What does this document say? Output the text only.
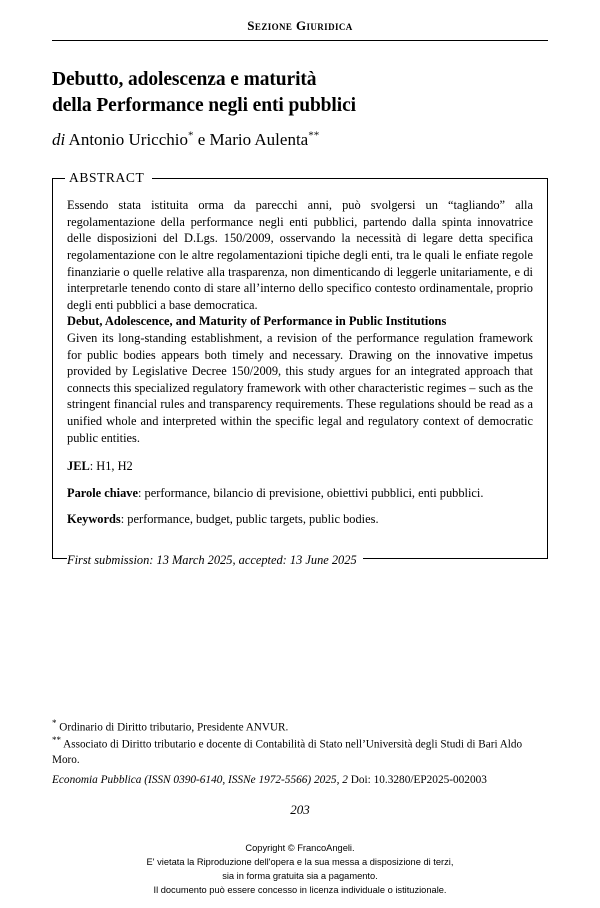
Sezione Giuridica
Debutto, adolescenza e maturità
della Performance negli enti pubblici
di Antonio Uricchio* e Mario Aulenta**
ABSTRACT

Essendo stata istituita orma da parecchi anni, può svolgersi un “tagliando” alla regolamentazione della performance negli enti pubblici, partendo dalla spinta innovatrice delle disposizioni del D.Lgs. 150/2009, osservando la necessità di legare detta specifica regolamentazione con le altre regolamentazioni tipiche degli enti, tra le quali le enfiate regole finanziarie o quelle relative alla trasparenza, non dimenticando di leggerle unitariamente, e di interpretarle tenendo conto di stare all’interno dello specifico contesto ordinamentale, proprio degli enti pubblici a base democratica.

Debut, Adolescence, and Maturity of Performance in Public Institutions

Given its long-standing establishment, a revision of the performance regulation framework for public bodies appears both timely and necessary. Drawing on the innovative impetus provided by Legislative Decree 150/2009, this study argues for an integrated approach that connects this specialized regulatory framework with other characteristic regimes – such as the stringent financial rules and transparency requirements. These regulations should be read as a unified whole and interpreted within the specific legal and regulatory context of democratic public entities.

JEL: H1, H2

Parole chiave: performance, bilancio di previsione, obiettivi pubblici, enti pubblici.

Keywords: performance, budget, public targets, public bodies.

First submission: 13 March 2025, accepted: 13 June 2025

* Ordinario di Diritto tributario, Presidente ANVUR.

** Associato di Diritto tributario e docente di Contabilità di Stato nell’Università degli Studi di Bari Aldo Moro.

Economia Pubblica (ISSN 0390-6140, ISSNe 1972-5566) 2025, 2 Doi: 10.3280/EP2025-002003
203
Copyright © FrancoAngeli.
E' vietata la Riproduzione dell'opera e la sua messa a disposizione di terzi,
sia in forma gratuita sia a pagamento.
Il documento può essere concesso in licenza individuale o istituzionale.
